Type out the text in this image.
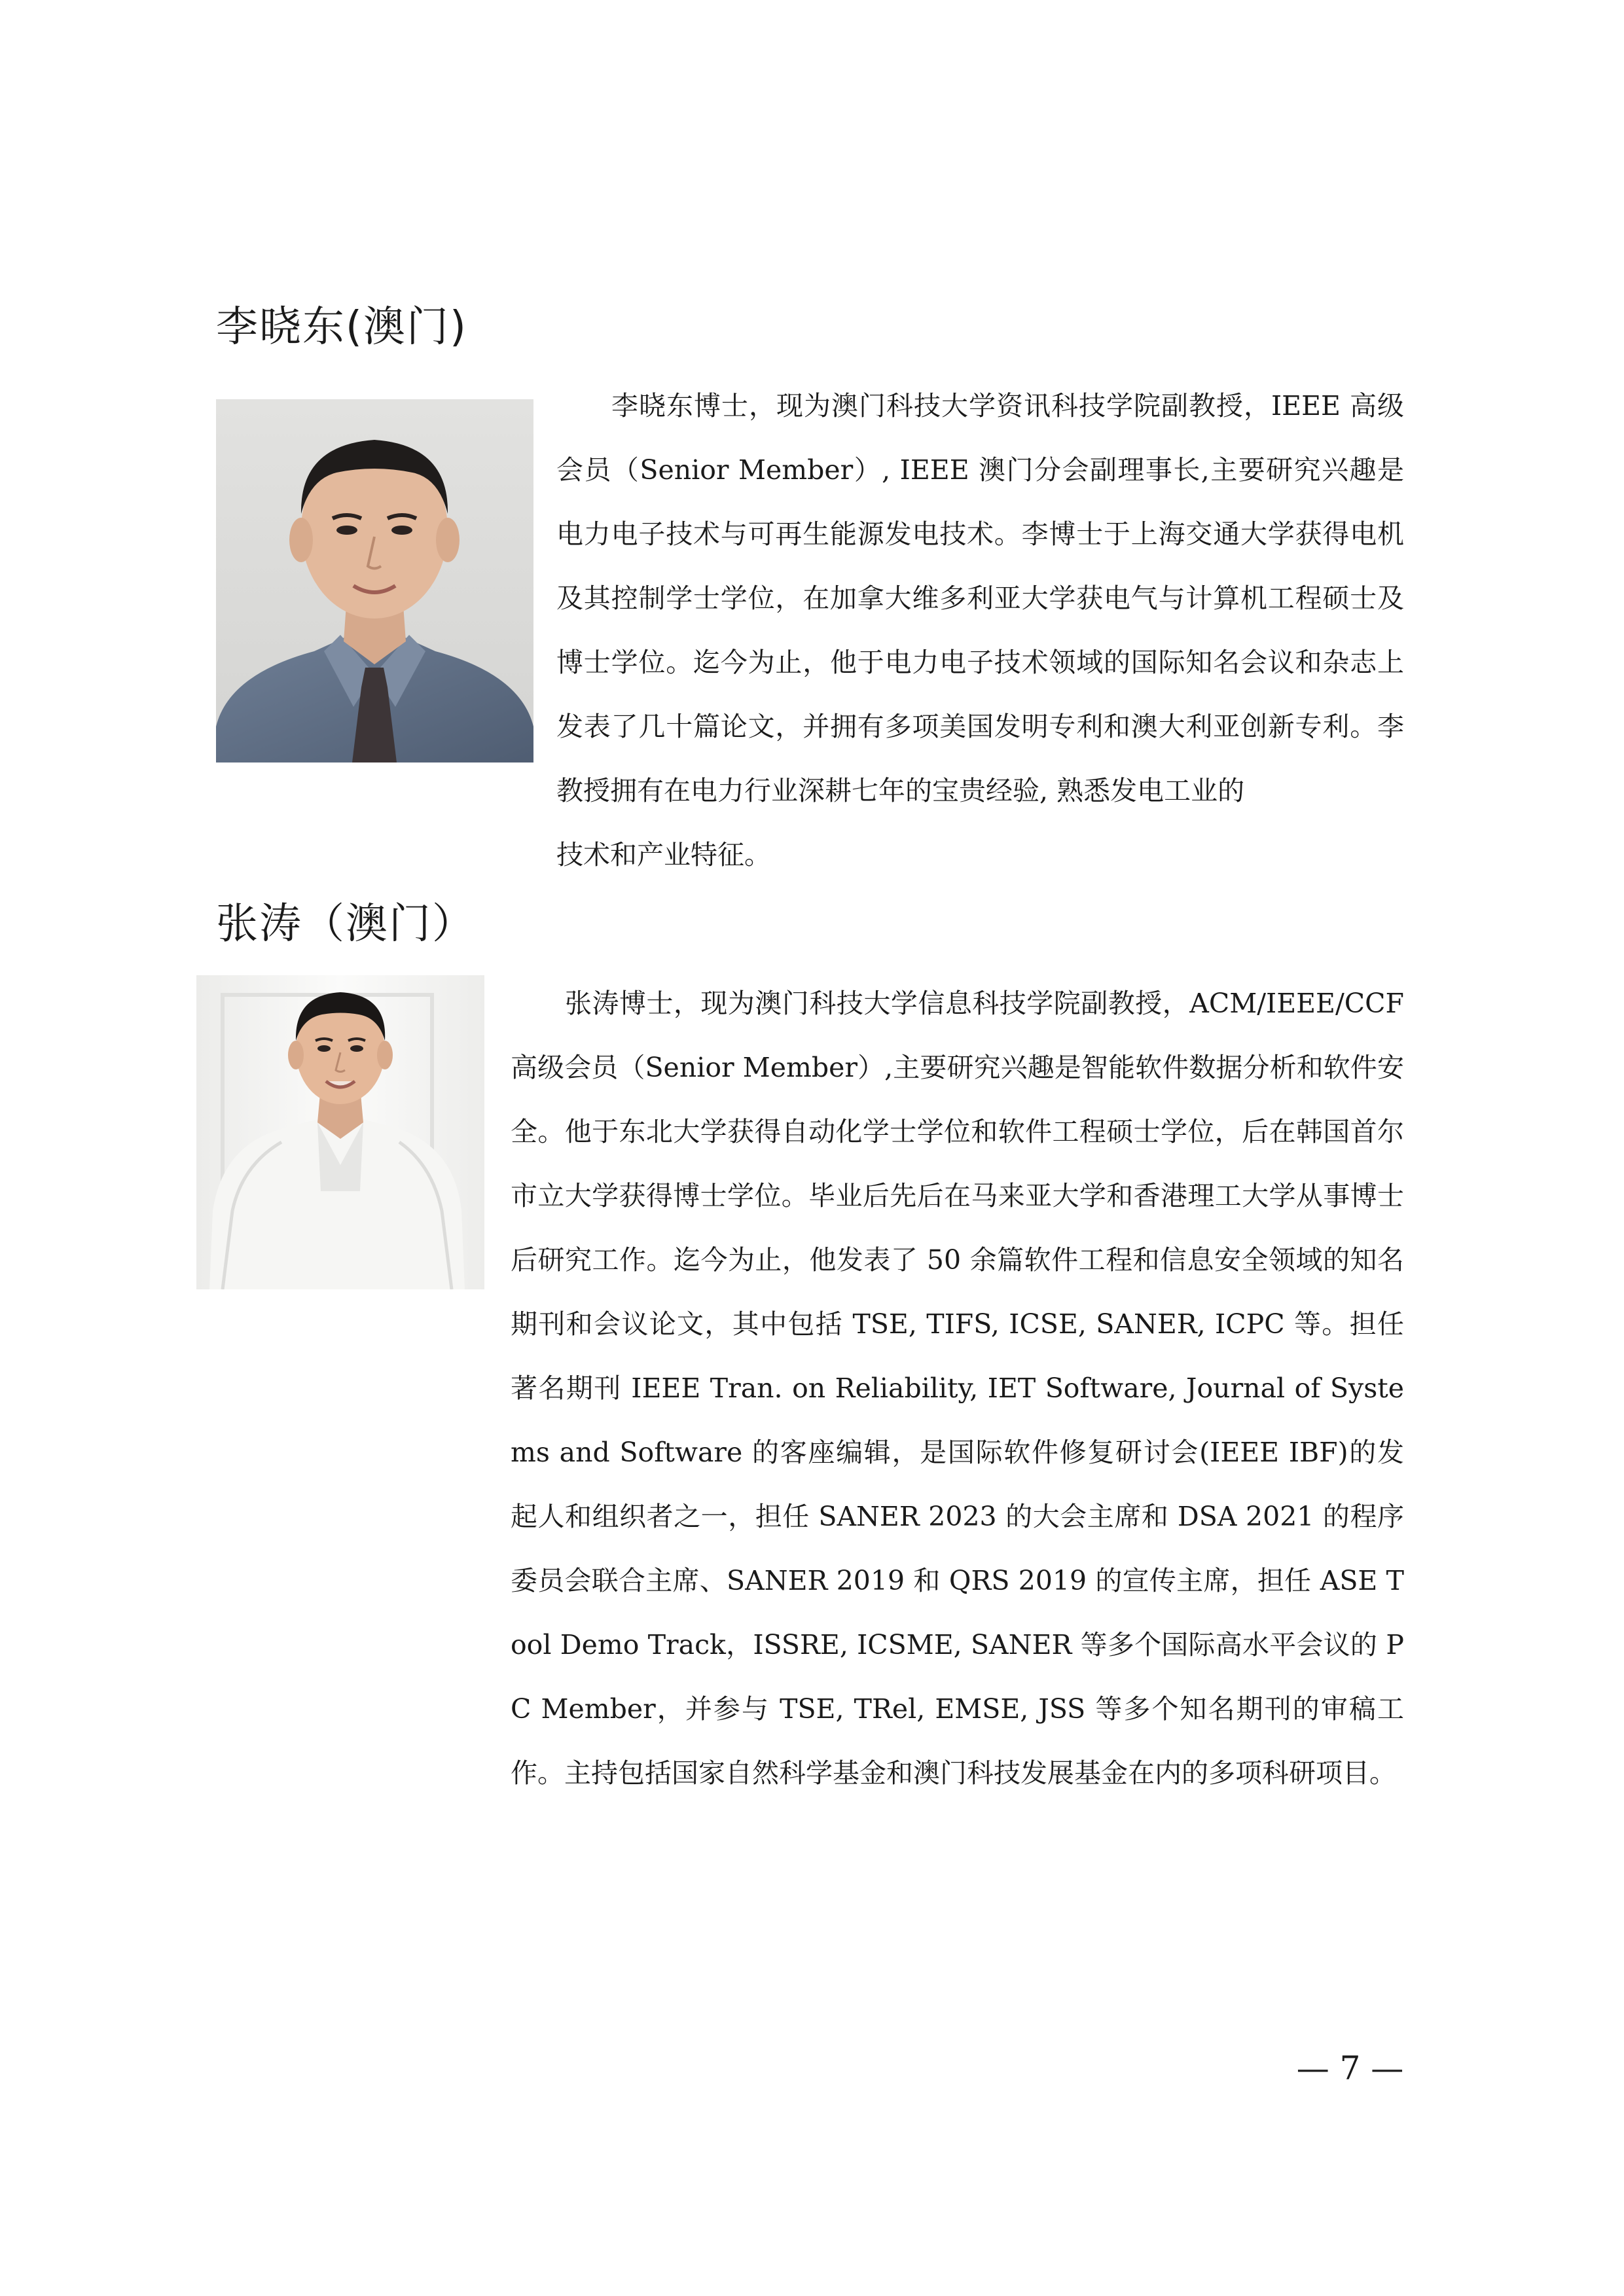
李晓东(澳门)

　　李晓东博士，现为澳门科技大学资讯科技学院副教授，IEEE 高级会员（Senior Member）, IEEE 澳门分会副理事长,主要研究兴趣是电力电子技术与可再生能源发电技术。李博士于上海交通大学获得电机及其控制学士学位，在加拿大维多利亚大学获电气与计算机工程硕士及博士学位。迄今为止，他于电力电子技术领域的国际知名会议和杂志上发表了几十篇论文，并拥有多项美国发明专利和澳大利亚创新专利。李教授拥有在电力行业深耕七年的宝贵经验, 熟悉发电工业的
技术和产业特征。

张涛（澳门）

　　张涛博士，现为澳门科技大学信息科技学院副教授，ACM/IEEE/CCF 高级会员（Senior Member）,主要研究兴趣是智能软件数据分析和软件安全。他于东北大学获得自动化学士学位和软件工程硕士学位，后在韩国首尔市立大学获得博士学位。毕业后先后在马来亚大学和香港理工大学从事博士后研究工作。迄今为止，他发表了 50 余篇软件工程和信息安全领域的知名期刊和会议论文，其中包括 TSE, TIFS, ICSE, SANER, ICPC 等。担任著名期刊 IEEE Tran. on Reliability, IET Software, Journal of Systems and Software 的客座编辑，是国际软件修复研讨会(IEEE IBF)的发起人和组织者之一，担任 SANER 2023 的大会主席和 DSA 2021 的程序委员会联合主席、SANER 2019 和 QRS 2019 的宣传主席，担任 ASE Tool Demo Track，ISSRE, ICSME, SANER 等多个国际高水平会议的 PC Member，并参与 TSE, TRel, EMSE, JSS 等多个知名期刊的审稿工作。主持包括国家自然科学基金和澳门科技发展基金在内的多项科研项目。

— 7 —
